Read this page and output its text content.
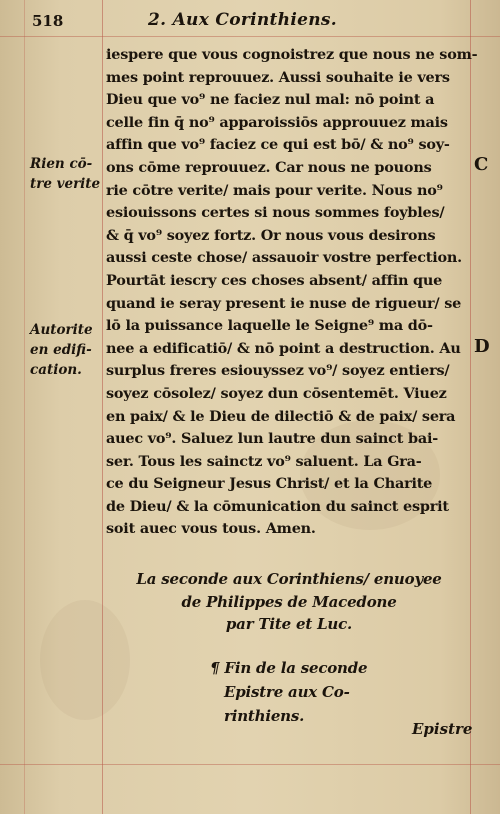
518	2. Aux Corinthiens.
iespere que vous cognoistrez que nous ne som-
mes point reprouuez. Aussi souhaite ie vers
Dieu que vo⁹ ne faciez nul mal: nō point a
celle fin q̄ no⁹ apparoissiōs approuuez mais
affin que vo⁹ faciez ce qui est bō/ & no⁹ soy-
ons cōme reprouuez. Car nous ne pouons
rie cōtre verite/ mais pour verite. Nous no⁹
esiouissons certes si nous sommes foybles/
& q̄ vo⁹ soyez fortz. Or nous vous desirons
aussi ceste chose/ assauoir vostre perfection.
Pourtāt iescry ces choses absent/ affin que
quand ie seray present ie nuse de rigueur/ se
lō la puissance laquelle le Seigne⁹ ma dō-
nee a edificatiō/ & nō point a destruction. Au
surplus freres esiouyssez vo⁹/ soyez entiers/
soyez cōsolez/ soyez dun cōsentemēt. Viuez
en paix/ & le Dieu de dilectiō & de paix/ sera
auec vo⁹. Saluez lun lautre dun sainct bai-
ser. Tous les sainctz vo⁹ saluent. La Gra-
ce du Seigneur Jesus Christ/ et la Charite
de Dieu/ & la cōmunication du sainct esprit
soit auec vous tous. Amen.
Rien cō-
tre verite
Autorite
en edifi-
cation.
C
D
La seconde aux Corinthiens/ enuoyee
de Philippes de Macedone
par Tite et Luc.
¶ Fin de la seconde
Epistre aux Co-
rinthiens.
Epistre
